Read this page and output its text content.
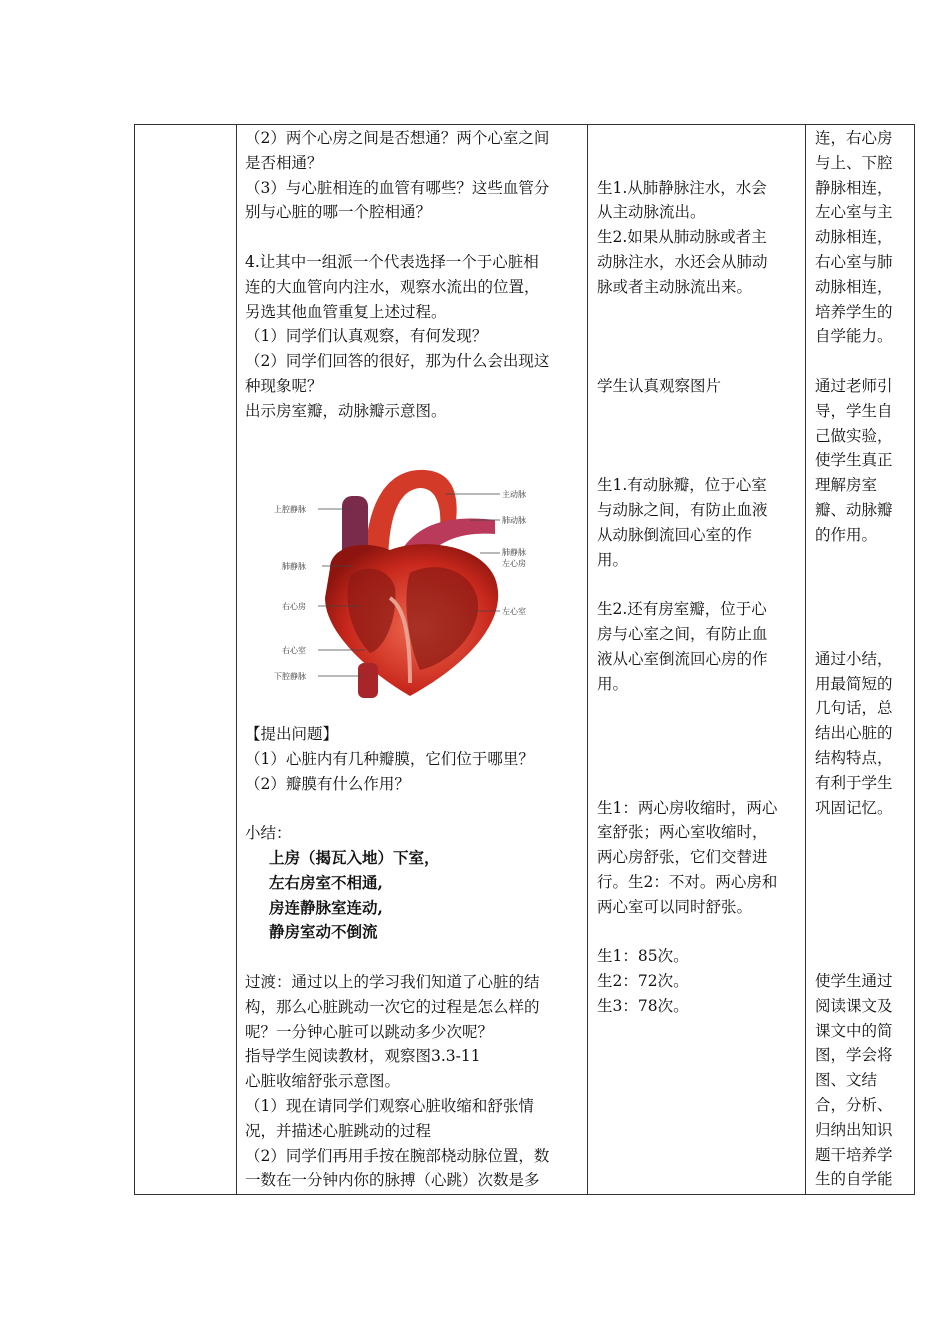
（2）两个心房之间是否想通？两个心室之间
是否相通？
（3）与心脏相连的血管有哪些？这些血管分
别与心脏的哪一个腔相通？
4.让其中一组派一个代表选择一个于心脏相
连的大血管向内注水，观察水流出的位置，
另选其他血管重复上述过程。
（1）同学们认真观察，有何发现？
（2）同学们回答的很好，那为什么会出现这
种现象呢？
出示房室瓣，动脉瓣示意图。
上腔静脉
主动脉
肺动脉
肺静脉
左心房
肺静脉
右心房
左心室
右心室
下腔静脉
【提出问题】
（1）心脏内有几种瓣膜，它们位于哪里？
（2）瓣膜有什么作用？
小结：
上房（揭瓦入地）下室，
左右房室不相通,
房连静脉室连动,
静房室动不倒流
过渡：通过以上的学习我们知道了心脏的结
构，那么心脏跳动一次它的过程是怎么样的
呢？一分钟心脏可以跳动多少次呢？
指导学生阅读教材，观察图3.3-11
心脏收缩舒张示意图。
（1）现在请同学们观察心脏收缩和舒张情
况，并描述心脏跳动的过程
（2）同学们再用手按在腕部桡动脉位置，数
一数在一分钟内你的脉搏（心跳）次数是多
生1.从肺静脉注水，水会
从主动脉流出。
生2.如果从肺动脉或者主
动脉注水，水还会从肺动
脉或者主动脉流出来。
学生认真观察图片
生1.有动脉瓣，位于心室
与动脉之间，有防止血液
从动脉倒流回心室的作
用。
生2.还有房室瓣，位于心
房与心室之间，有防止血
液从心室倒流回心房的作
用。
生1：两心房收缩时，两心
室舒张；两心室收缩时，
两心房舒张，它们交替进
行。生2：不对。两心房和
两心室可以同时舒张。
生1：85次。
生2：72次。
生3：78次。
连，右心房
与上、下腔
静脉相连，
左心室与主
动脉相连，
右心室与肺
动脉相连，
培养学生的
自学能力。
通过老师引
导，学生自
己做实验，
使学生真正
理解房室
瓣、动脉瓣
的作用。
通过小结，
用最简短的
几句话，总
结出心脏的
结构特点，
有利于学生
巩固记忆。
使学生通过
阅读课文及
课文中的简
图，学会将
图、文结
合，分析、
归纳出知识
题干培养学
生的自学能
